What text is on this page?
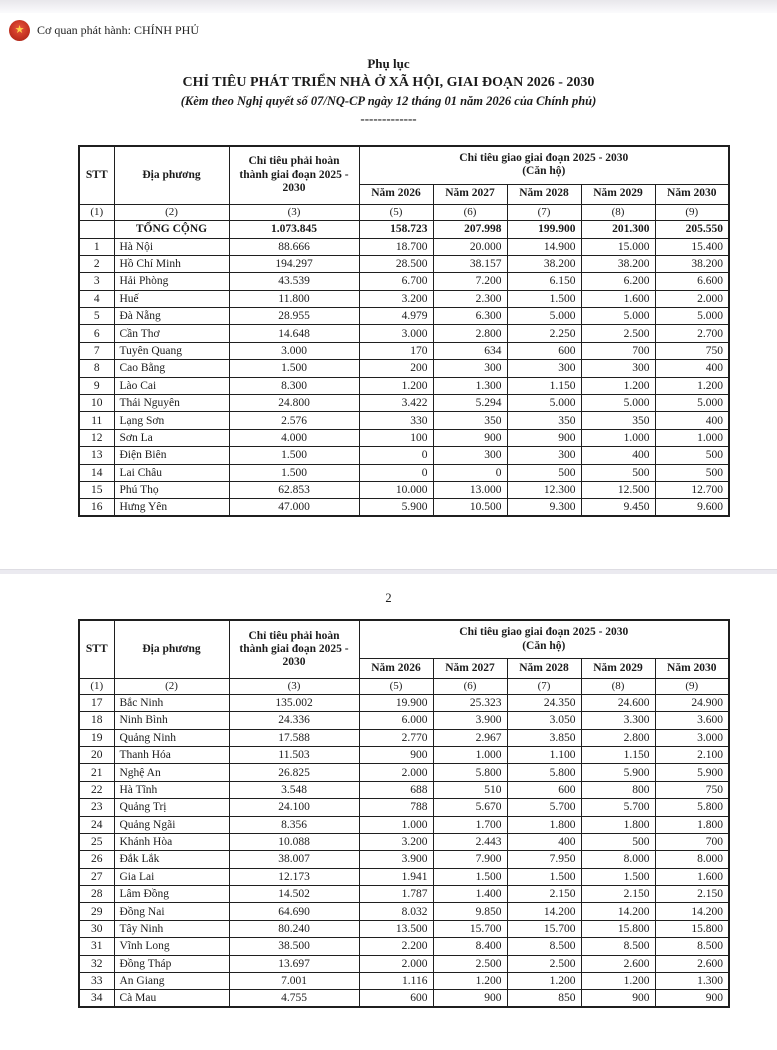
★	Cơ quan phát hành: CHÍNH PHỦ
Phụ lục
CHỈ TIÊU PHÁT TRIỂN NHÀ Ở XÃ HỘI, GIAI ĐOẠN 2026 - 2030
(Kèm theo Nghị quyết số 07/NQ-CP ngày 12 tháng 01 năm 2026 của Chính phủ)
-------------
STT	Địa phương	Chỉ tiêu phải hoàn thành giai đoạn 2025 - 2030	Chỉ tiêu giao giai đoạn 2025 - 2030
(Căn hộ)				

			Năm 2026	Năm 2027	Năm 2028	Năm 2029	Năm 2030
(1)	(2)	(3)	(5)	(6)	(7)	(8)	(9)
	TỔNG CỘNG	1.073.845	158.723	207.998	199.900	201.300	205.550
1	Hà Nội	88.666	18.700	20.000	14.900	15.000	15.400
2	Hồ Chí Minh	194.297	28.500	38.157	38.200	38.200	38.200
3	Hải Phòng	43.539	6.700	7.200	6.150	6.200	6.600
4	Huế	11.800	3.200	2.300	1.500	1.600	2.000
5	Đà Nẵng	28.955	4.979	6.300	5.000	5.000	5.000
6	Cần Thơ	14.648	3.000	2.800	2.250	2.500	2.700
7	Tuyên Quang	3.000	170	634	600	700	750
8	Cao Bằng	1.500	200	300	300	300	400
9	Lào Cai	8.300	1.200	1.300	1.150	1.200	1.200
10	Thái Nguyên	24.800	3.422	5.294	5.000	5.000	5.000
11	Lạng Sơn	2.576	330	350	350	350	400
12	Sơn La	4.000	100	900	900	1.000	1.000
13	Điện Biên	1.500	0	300	300	400	500
14	Lai Châu	1.500	0	0	500	500	500
15	Phú Thọ	62.853	10.000	13.000	12.300	12.500	12.700
16	Hưng Yên	47.000	5.900	10.500	9.300	9.450	9.600
2
STT	Địa phương	Chỉ tiêu phải hoàn thành giai đoạn 2025 - 2030	Chỉ tiêu giao giai đoạn 2025 - 2030
(Căn hộ)				

			Năm 2026	Năm 2027	Năm 2028	Năm 2029	Năm 2030
(1)	(2)	(3)	(5)	(6)	(7)	(8)	(9)
17	Bắc Ninh	135.002	19.900	25.323	24.350	24.600	24.900
18	Ninh Bình	24.336	6.000	3.900	3.050	3.300	3.600
19	Quảng Ninh	17.588	2.770	2.967	3.850	2.800	3.000
20	Thanh Hóa	11.503	900	1.000	1.100	1.150	2.100
21	Nghệ An	26.825	2.000	5.800	5.800	5.900	5.900
22	Hà Tĩnh	3.548	688	510	600	800	750
23	Quảng Trị	24.100	788	5.670	5.700	5.700	5.800
24	Quảng Ngãi	8.356	1.000	1.700	1.800	1.800	1.800
25	Khánh Hòa	10.088	3.200	2.443	400	500	700
26	Đắk Lắk	38.007	3.900	7.900	7.950	8.000	8.000
27	Gia Lai	12.173	1.941	1.500	1.500	1.500	1.600
28	Lâm Đồng	14.502	1.787	1.400	2.150	2.150	2.150
29	Đồng Nai	64.690	8.032	9.850	14.200	14.200	14.200
30	Tây Ninh	80.240	13.500	15.700	15.700	15.800	15.800
31	Vĩnh Long	38.500	2.200	8.400	8.500	8.500	8.500
32	Đồng Tháp	13.697	2.000	2.500	2.500	2.600	2.600
33	An Giang	7.001	1.116	1.200	1.200	1.200	1.300
34	Cà Mau	4.755	600	900	850	900	900
